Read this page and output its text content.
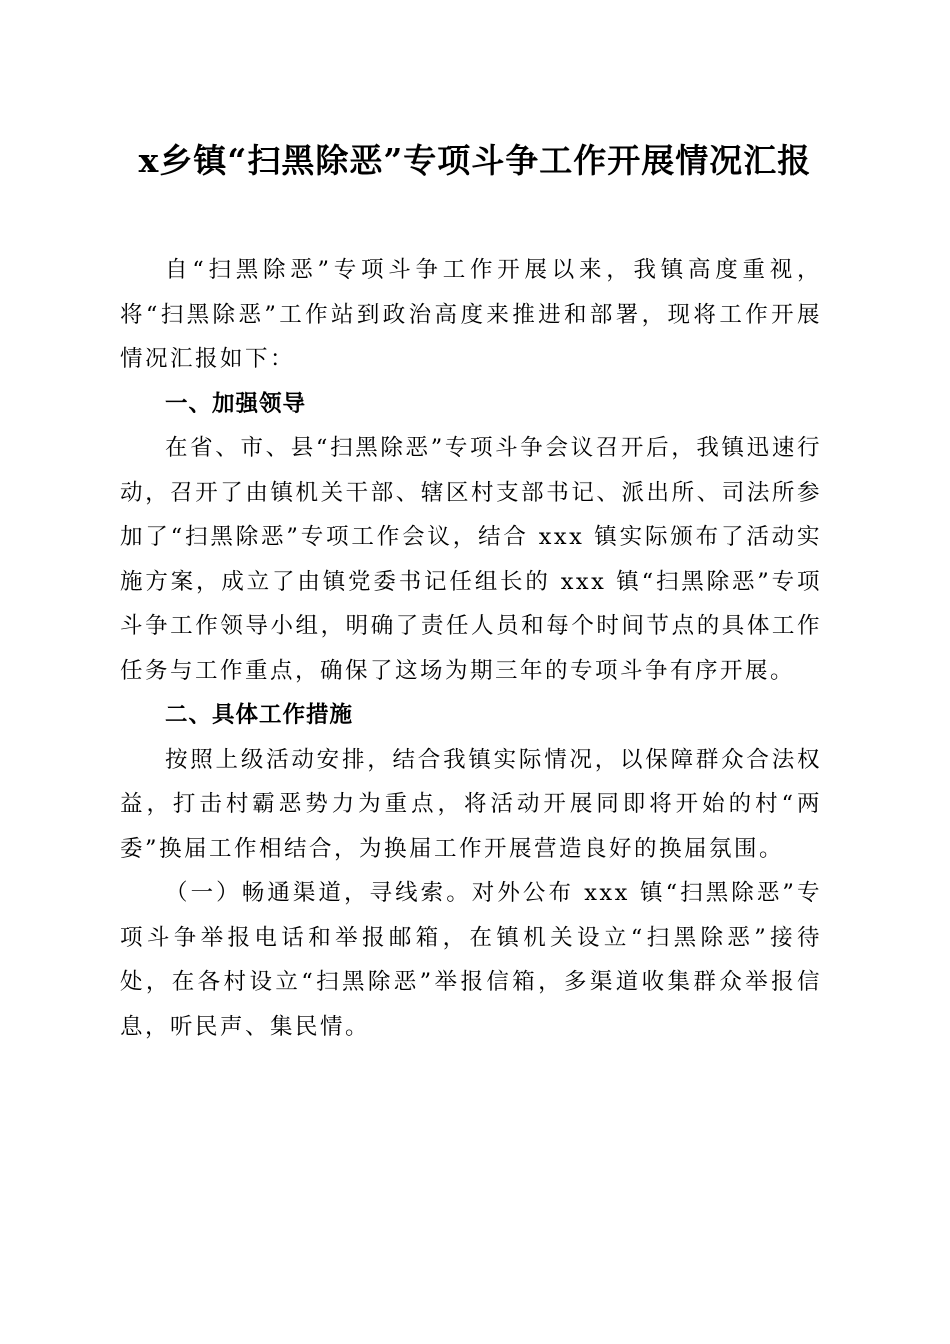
x乡镇“扫黑除恶”专项斗争工作开展情况汇报

自“扫黑除恶”专项斗争工作开展以来，我镇高度重视，将“扫黑除恶”工作站到政治高度来推进和部署，现将工作开展情况汇报如下：

一、加强领导

在省、市、县“扫黑除恶”专项斗争会议召开后，我镇迅速行动，召开了由镇机关干部、辖区村支部书记、派出所、司法所参加了“扫黑除恶”专项工作会议，结合 xxx 镇实际颁布了活动实施方案，成立了由镇党委书记任组长的 xxx 镇“扫黑除恶”专项斗争工作领导小组，明确了责任人员和每个时间节点的具体工作任务与工作重点，确保了这场为期三年的专项斗争有序开展。

二、具体工作措施

按照上级活动安排，结合我镇实际情况，以保障群众合法权益，打击村霸恶势力为重点，将活动开展同即将开始的村“两委”换届工作相结合，为换届工作开展营造良好的换届氛围。

（一）畅通渠道，寻线索。对外公布 xxx 镇“扫黑除恶”专项斗争举报电话和举报邮箱，在镇机关设立“扫黑除恶”接待处，在各村设立“扫黑除恶”举报信箱，多渠道收集群众举报信息，听民声、集民情。
